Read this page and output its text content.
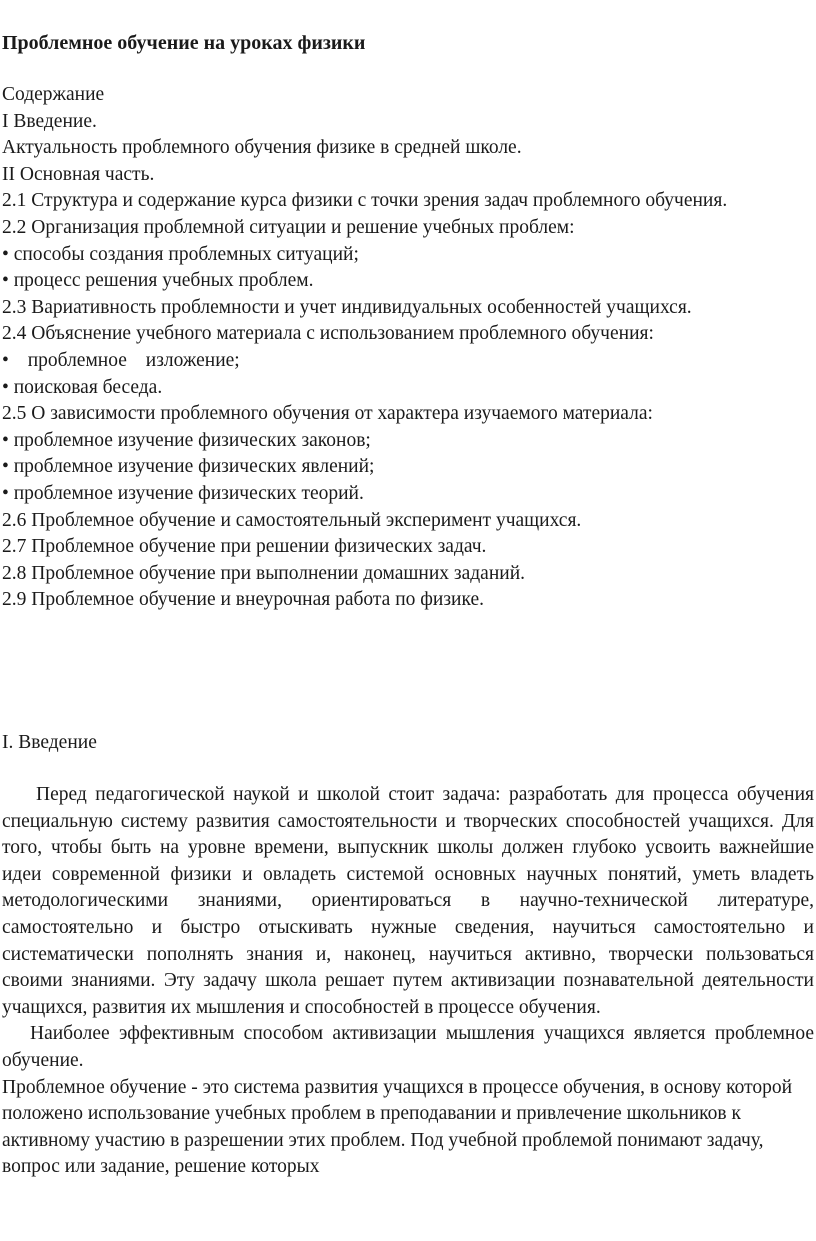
Проблемное обучение на уроках физики
Содержание
I Введение.
Актуальность проблемного обучения физике в средней школе.
II Основная часть.
2.1 Структура и содержание курса физики с точки зрения задач проблемного обучения.
2.2 Организация проблемной ситуации и решение учебных проблем:
• способы создания проблемных ситуаций;
• процесс решения учебных проблем.
2.3 Вариативность проблемности и учет индивидуальных особенностей учащихся.
2.4 Объяснение учебного материала с использованием проблемного обучения:
• проблемное изложение;
• поисковая беседа.
2.5 О зависимости проблемного обучения от характера изучаемого материала:
• проблемное изучение физических законов;
• проблемное изучение физических явлений;
• проблемное изучение физических теорий.
2.6 Проблемное обучение и самостоятельный эксперимент учащихся.
2.7 Проблемное обучение при решении физических задач.
2.8 Проблемное обучение при выполнении домашних заданий.
2.9 Проблемное обучение и внеурочная работа по физике.
I. Введение

Перед педагогической наукой и школой стоит задача: разработать для процесса обучения специальную систему развития самостоятельности и творческих способностей учащихся. Для того, чтобы быть на уровне времени, выпускник школы должен глубоко усвоить важнейшие идеи современной физики и овладеть системой основных научных понятий, уметь владеть методологическими знаниями, ориентироваться в научно-технической литературе, самостоятельно и быстро отыскивать нужные сведения, научиться самостоятельно и систематически пополнять знания и, наконец, научиться активно, творчески пользоваться своими знаниями. Эту задачу школа решает путем активизации познавательной деятельности учащихся, развития их мышления и способностей в процессе обучения.

Наиболее эффективным способом активизации мышления учащихся является проблемное обучение.

Проблемное обучение - это система развития учащихся в процессе обучения, в основу которой положено использование учебных проблем в преподавании и привлечение школьников к активному участию в разрешении этих проблем. Под учебной проблемой понимают задачу, вопрос или задание, решение которых
